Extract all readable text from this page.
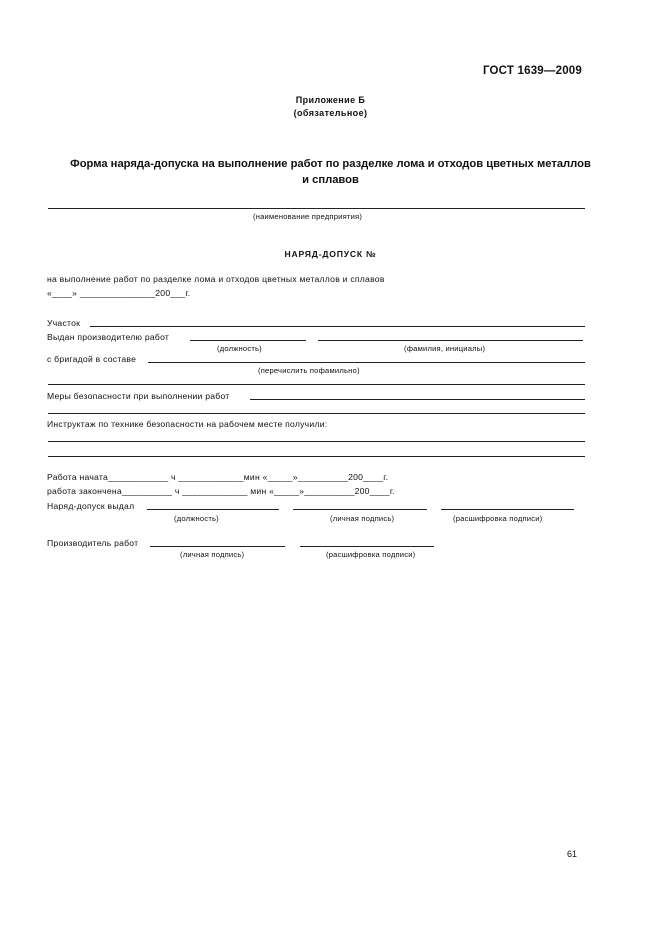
ГОСТ 1639—2009
Приложение Б
(обязательное)
Форма наряда-допуска на выполнение работ по разделке лома и отходов цветных металлов
и сплавов
(наименование предприятия)
НАРЯД-ДОПУСК №
на выполнение работ по разделке лома и отходов цветных металлов и сплавов
«____» _______________200___г.
Участок
Выдан производителю работ
(должность)	(фамилия, инициалы)
с бригадой в составе
(перечислить пофамильно)
Меры безопасности при выполнении работ
Инструктаж по технике безопасности на рабочем месте получили:
Работа начата____________ ч _____________мин «_____»__________200____г.
работа закончена__________ ч _____________ мин «_____»__________200____г.
Наряд-допуск выдал
(должность)	(личная подпись)	(расшифровка подписи)
Производитель работ
(личная подпись)	(расшифровка подписи)
61
